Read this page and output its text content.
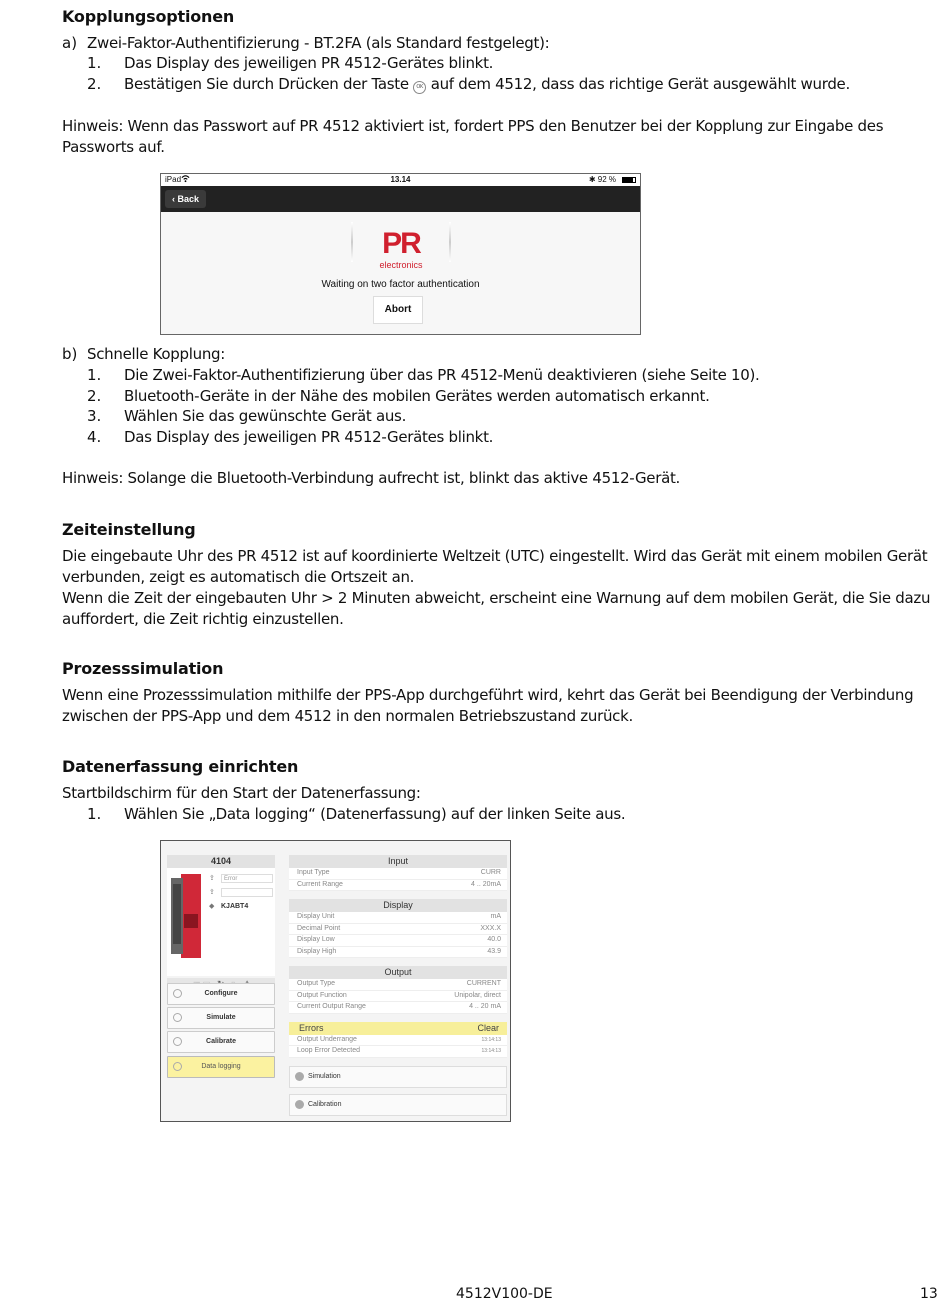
Kopplungsoptionen
a) Zwei-Faktor-Authentifizierung - BT.2FA (als Standard festgelegt):
1. Das Display des jeweiligen PR 4512-Gerätes blinkt.
2. Bestätigen Sie durch Drücken der Taste OK auf dem 4512, dass das richtige Gerät ausgewählt wurde.
Hinweis: Wenn das Passwort auf PR 4512 aktiviert ist, fordert PPS den Benutzer bei der Kopplung zur Eingabe des Passworts auf.
iPad	13.14	✱ 92 %
‹ Back
PR
electronics
Waiting on two factor authentication
Abort
b) Schnelle Kopplung:
1. Die Zwei-Faktor-Authentifizierung über das PR 4512-Menü deaktivieren (siehe Seite 10).
2. Bluetooth-Geräte in der Nähe des mobilen Gerätes werden automatisch erkannt.
3. Wählen Sie das gewünschte Gerät aus.
4. Das Display des jeweiligen PR 4512-Gerätes blinkt.
Hinweis: Solange die Bluetooth-Verbindung aufrecht ist, blinkt das aktive 4512-Gerät.
Zeiteinstellung
Die eingebaute Uhr des PR 4512 ist auf koordinierte Weltzeit (UTC) eingestellt. Wird das Gerät mit einem mobilen Gerät verbunden, zeigt es automatisch die Ortszeit an.
Wenn die Zeit der eingebauten Uhr > 2 Minuten abweicht, erscheint eine Warnung auf dem mobilen Gerät, die Sie dazu auffordert, die Zeit richtig einzustellen.
Prozesssimulation
Wenn eine Prozesssimulation mithilfe der PPS-App durchgeführt wird, kehrt das Gerät bei Beendigung der Verbindung zwischen der PPS-App und dem 4512 in den normalen Betriebszustand zurück.
Datenerfassung einrichten
Startbildschirm für den Start der Datenerfassung:
1. Wählen Sie „Data logging“ (Datenerfassung) auf der linken Seite aus.
4104
⇪	Error
⇪
◆ KJABT4
Configure
Simulate
Calibrate
Data logging
Input
Input Type	CURR
Current Range	4 .. 20mA
Display
Display Unit	mA
Decimal Point	XXX.X
Display Low	40.0
Display High	43.9
Output
Output Type	CURRENT
Output Function	Unipolar, direct
Current Output Range	4 .. 20 mA
Errors	Clear
Output Underrange	13:14:13
Loop Error Detected	13:14:13
Simulation
Calibration
4512V100-DE	13
